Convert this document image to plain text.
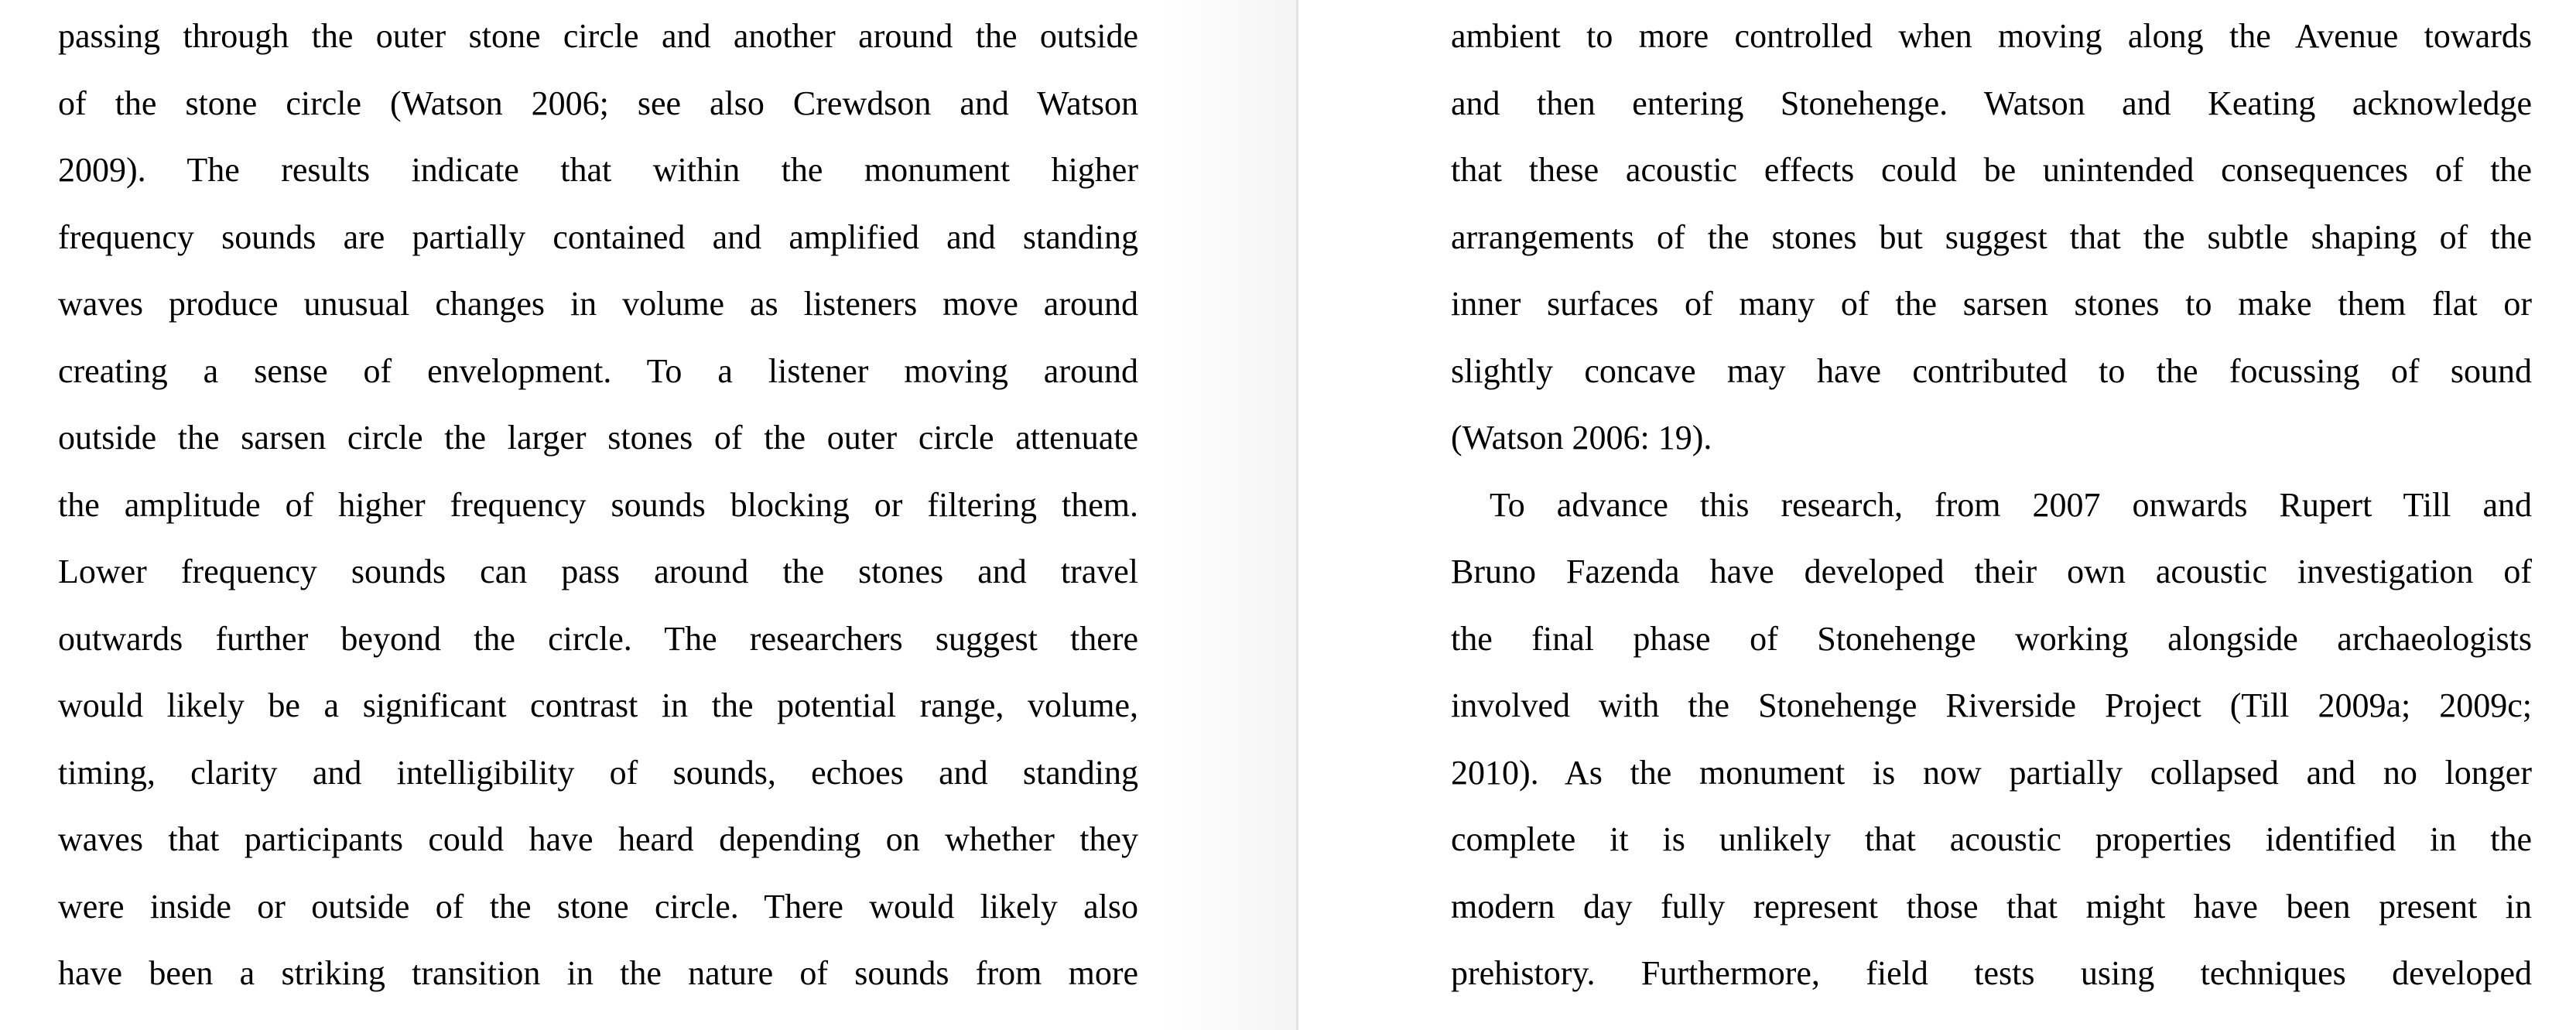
passing through the outer stone circle and another around the outside

of the stone circle (Watson 2006; see also Crewdson and Watson

2009). The results indicate that within the monument higher

frequency sounds are partially contained and amplified and standing

waves produce unusual changes in volume as listeners move around

creating a sense of envelopment. To a listener moving around

outside the sarsen circle the larger stones of the outer circle attenuate

the amplitude of higher frequency sounds blocking or filtering them.

Lower frequency sounds can pass around the stones and travel

outwards further beyond the circle. The researchers suggest there

would likely be a significant contrast in the potential range, volume,

timing, clarity and intelligibility of sounds, echoes and standing

waves that participants could have heard depending on whether they

were inside or outside of the stone circle. There would likely also

have been a striking transition in the nature of sounds from more

ambient to more controlled when moving along the Avenue towards

and then entering Stonehenge. Watson and Keating acknowledge

that these acoustic effects could be unintended consequences of the

arrangements of the stones but suggest that the subtle shaping of the

inner surfaces of many of the sarsen stones to make them flat or

slightly concave may have contributed to the focussing of sound

(Watson 2006: 19).

To advance this research, from 2007 onwards Rupert Till and

Bruno Fazenda have developed their own acoustic investigation of

the final phase of Stonehenge working alongside archaeologists

involved with the Stonehenge Riverside Project (Till 2009a; 2009c;

2010). As the monument is now partially collapsed and no longer

complete it is unlikely that acoustic properties identified in the

modern day fully represent those that might have been present in

prehistory. Furthermore, field tests using techniques developed
